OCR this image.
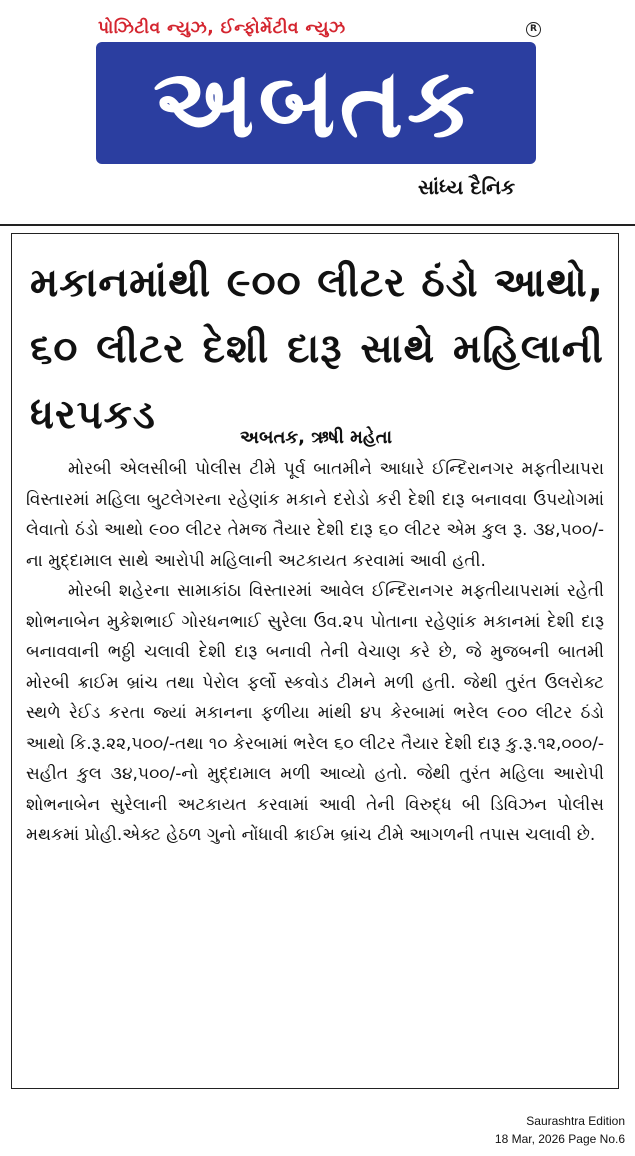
પોઝિટીવ ન્યુઝ, ઈન્ફોર્મેટીવ ન્યુઝ	R
અબતક
સાંધ્ય દૈનિક
મકાનમાંથી ૯૦૦ લીટર ઠંડો આથો, ૬૦ લીટર દેશી દારૂ સાથે મહિલાની ધરપકડ	અબતક, ઋષી મહેતા

મોરબી એલસીબી પોલીસ ટીમે પૂર્વ બાતમીને આધારે ઈન્દિરાનગર મફતીયાપરા વિસ્તારમાં મહિલા બુટલેગરના રહેણાંક મકાને દરોડો કરી દેશી દારૂ બનાવવા ઉપયોગમાં લેવાતો ઠંડો આથો ૯૦૦ લીટર તેમજ તૈયાર દેશી દારૂ ૬૦ લીટર એમ કુલ રૂ. ૩૪,૫૦૦/- ના મુદ્દામાલ સાથે આરોપી મહિલાની અટકાયત કરવામાં આવી હતી.

મોરબી શહેરના સામાકાંઠા વિસ્તારમાં આવેલ ઈન્દિરાનગર મફતીયાપરામાં રહેતી શોભનાબેન મુકેશભાઈ ગોરધનભાઈ સુરેલા ઉવ.૨૫ પોતાના રહેણાંક મકાનમાં દેશી દારૂ બનાવવાની ભઠ્ઠી ચલાવી દેશી દારૂ બનાવી તેની વેચાણ કરે છે, જે મુજબની બાતમી મોરબી ક્રાઈમ બ્રાંચ તથા પેરોલ ફર્લો સ્કવોડ ટીમને મળી હતી. જેથી તુરંત ઉલરોક્ટ સ્થળે રેઈડ કરતા જ્યાં મકાનના ફળીયા માંથી ૪૫ કેરબામાં ભરેલ ૯૦૦ લીટર ઠંડો આથો કિ.રૂ.૨૨,૫૦૦/-તથા ૧૦ કેરબામાં ભરેલ ૬૦ લીટર તૈયાર દેશી દારૂ કુ.રૂ.૧૨,૦૦૦/- સહીત કુલ ૩૪,૫૦૦/-નો મુદ્દામાલ મળી આવ્યો હતો. જેથી તુરંત મહિલા આરોપી શોભનાબેન સુરેલાની અટકાયત કરવામાં આવી તેની વિરુદ્ધ બી ડિવિઝન પોલીસ મથકમાં પ્રોહી.એક્ટ હેઠળ ગુનો નોંધાવી ક્રાઈમ બ્રાંચ ટીમે આગળની તપાસ ચલાવી છે.

Saurashtra Edition
18 Mar, 2026 Page No.6
